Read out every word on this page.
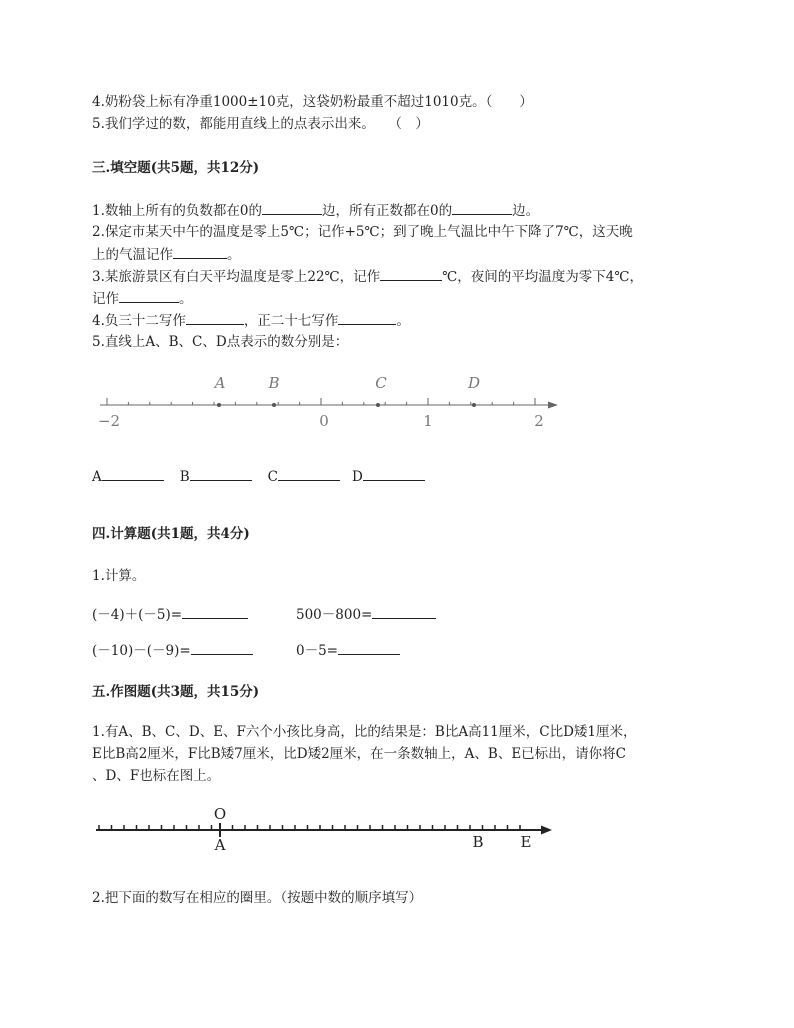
4.奶粉袋上标有净重1000±10克，这袋奶粉最重不超过1010克。（　　）
5.我们学过的数，都能用直线上的点表示出来。　　（　）
三.填空题(共5题，共12分)
1.数轴上所有的负数都在0的	边，所有正数都在0的	边。
2.保定市某天中午的温度是零上5℃；记作+5℃；到了晚上气温比中午下降了7℃，这天晚
上的气温记作	。
3.某旅游景区有白天平均温度是零上22℃，记作	℃，夜间的平均温度为零下4℃，
记作	。
4.负三十二写作	，正二十七写作	。
5.直线上A、B、C、D点表示的数分别是：
A	B	C	D
−2	0	1	2
A	B	C	D
四.计算题(共1题，共4分)
1.计算。
(－4)＋(－5)=	500－800=
(－10)－(－9)=	0－5=
五.作图题(共3题，共15分)
1.有A、B、C、D、E、F六个小孩比身高，比的结果是：B比A高11厘米，C比D矮1厘米，
E比B高2厘米，F比B矮7厘米，比D矮2厘米，在一条数轴上，A、B、E已标出，请你将C
、D、F也标在图上。
O
A	B E
2.把下面的数写在相应的圈里。（按题中数的顺序填写）
